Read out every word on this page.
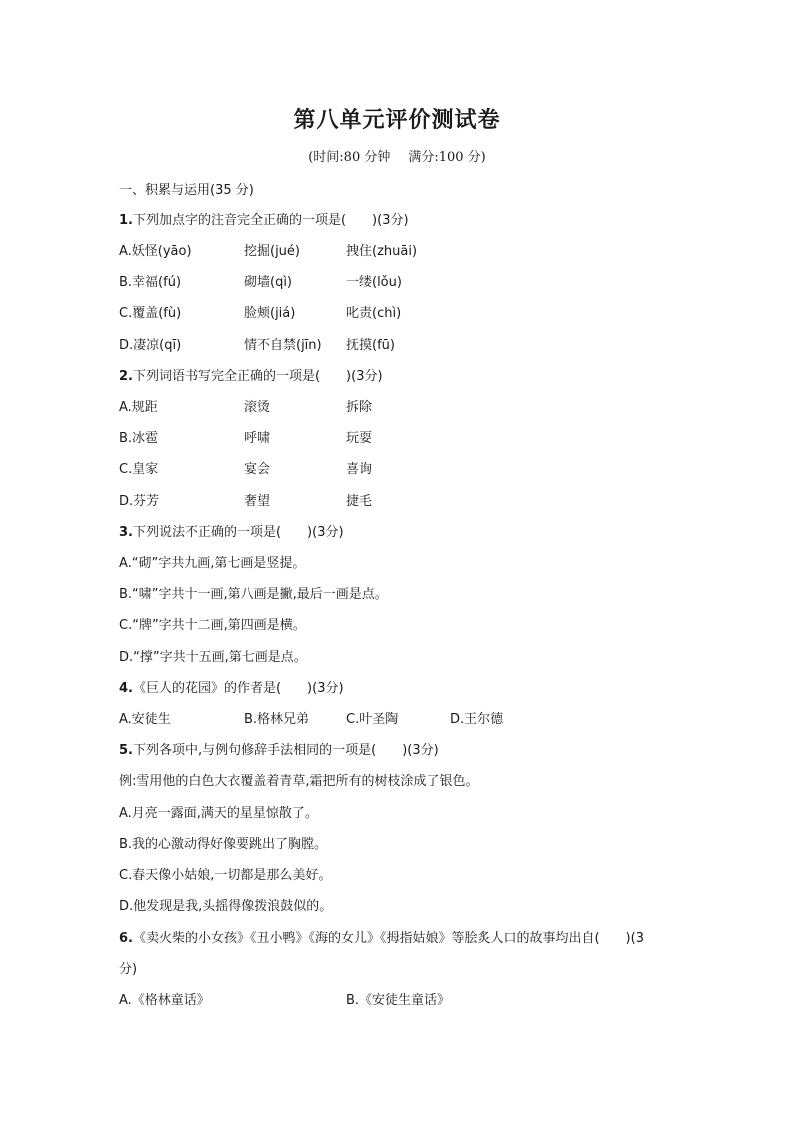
第八单元评价测试卷
(时间:80 分钟 满分:100 分)
一、积累与运用(35 分)
1.下列加点字的注音完全正确的一项是(　　)(3分)
A.妖怪(yāo)	挖掘(jué)	拽住(zhuāi)
B.幸福(fú)	砌墙(qì)	一缕(lǒu)
C.覆盖(fù)	脸颊(jiá)	叱责(chì)
D.凄凉(qī)	情不自禁(jīn) 抚摸(fū)
2.下列词语书写完全正确的一项是(　　)(3分)
A.规距	滚烫	拆除
B.冰雹	呼啸	玩耍
C.皇家	宴会	喜询
D.芬芳	奢望	捷毛
3.下列说法不正确的一项是(　　)(3分)
A.“砌”字共九画,第七画是竖提。
B.“啸”字共十一画,第八画是撇,最后一画是点。
C.“牌”字共十二画,第四画是横。
D.“撑”字共十五画,第七画是点。
4.《巨人的花园》的作者是(　　)(3分)
A.安徒生	B.格林兄弟	C.叶圣陶	D.王尔德
5.下列各项中,与例句修辞手法相同的一项是(　　)(3分)
例:雪用他的白色大衣覆盖着青草,霜把所有的树枝涂成了银色。
A.月亮一露面,满天的星星惊散了。
B.我的心激动得好像要跳出了胸膛。
C.春天像小姑娘,一切都是那么美好。
D.他发现是我,头摇得像拨浪鼓似的。
6.《卖火柴的小女孩》《丑小鸭》《海的女儿》《拇指姑娘》等脍炙人口的故事均出自(　　)(3
分)
A.《格林童话》	B.《安徒生童话》
